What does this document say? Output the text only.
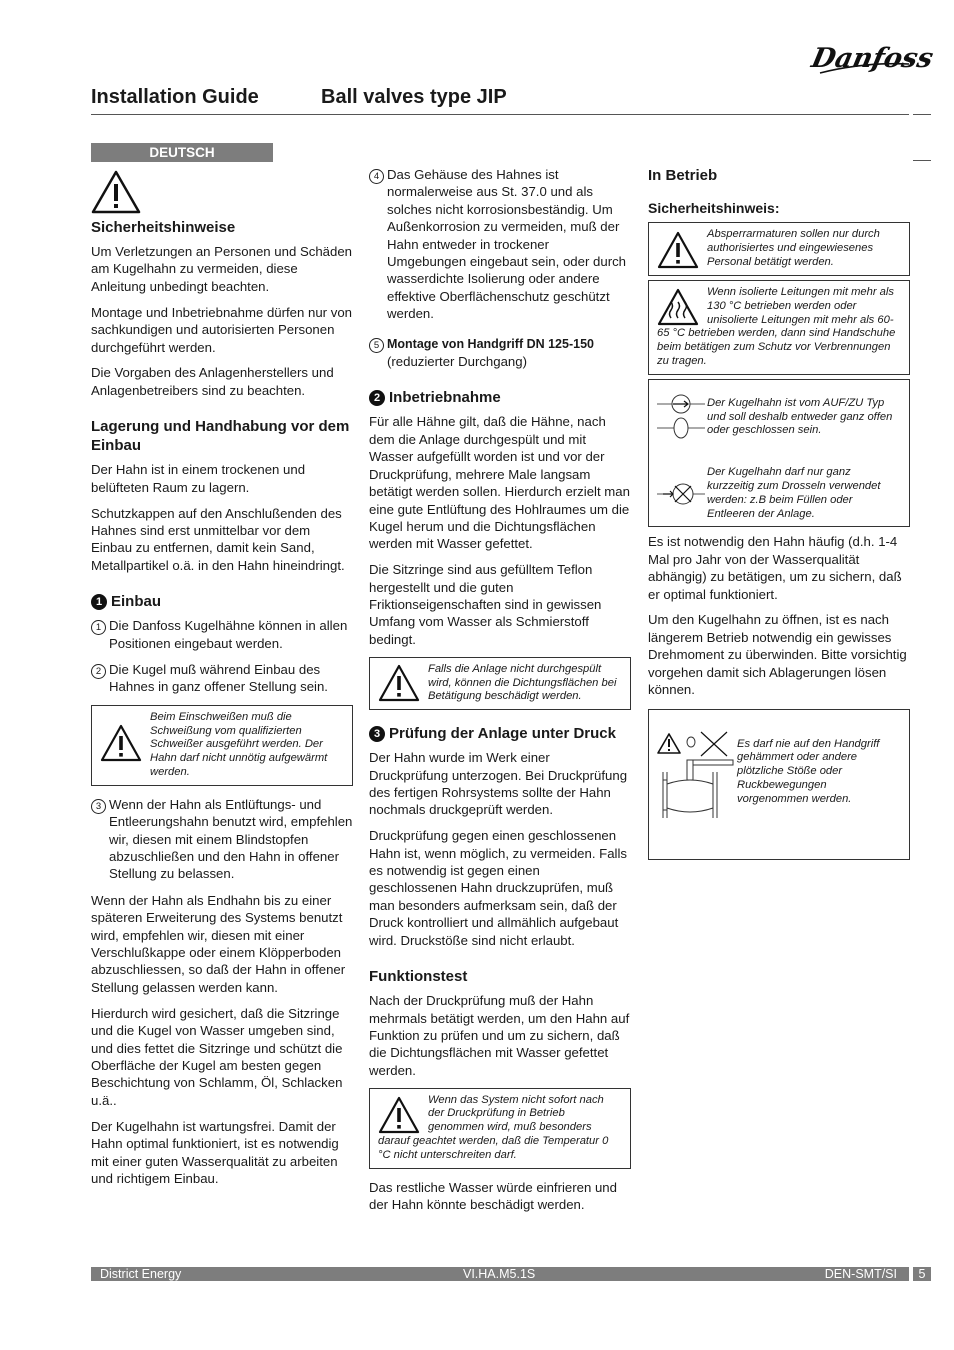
Danfoss
Installation Guide	Ball valves type JIP
DEUTSCH
Sicherheitshinweise

Um Verletzungen an Personen und Schäden am Kugelhahn zu vermeiden, diese Anleitung unbedingt beachten.

Montage und Inbetriebnahme dürfen nur von sachkundigen und autorisierten Personen durchgeführt werden.

Die Vorgaben des Anlagenherstellers und Anlagenbetreibers sind zu beachten.

Lagerung und Handhabung vor dem Einbau

Der Hahn ist in einem trockenen und belüfteten Raum zu lagern.

Schutzkappen auf den Anschlußenden des Hahnes sind erst unmittelbar vor dem Einbau zu entfernen, damit kein Sand, Metallpartikel o.ä. in den Hahn hineindringt.

1 Einbau
1 Die Danfoss Kugelhähne können in allen Positionen eingebaut werden.
2 Die Kugel muß während Einbau des Hahnes in ganz offener Stellung sein.
Beim Einschweißen muß die Schweißung vom qualifizierten Schweißer ausgeführt werden. Der Hahn darf nicht unnötig aufgewärmt werden.
3 Wenn der Hahn als Entlüftungs- und Entleerungshahn benutzt wird, empfehlen wir, diesen mit einem Blindstopfen abzuschließen und den Hahn in offener Stellung zu belassen.

Wenn der Hahn als Endhahn bis zu einer späteren Erweiterung des Systems benutzt wird, empfehlen wir, diesen mit einer Verschlußkappe oder einem Klöpperboden abzuschliessen, so daß der Hahn in offener Stellung gelassen werden kann.

Hierdurch wird gesichert, daß die Sitzringe und die Kugel von Wasser umgeben sind, und dies fettet die Sitzringe und schützt die Oberfläche der Kugel am besten gegen Beschichtung von Schlamm, Öl, Schlacken u.ä..

Der Kugelhahn ist wartungsfrei. Damit der Hahn optimal funktioniert, ist es notwendig mit einer guten Wasserqualität zu arbeiten und richtigem Einbau.

4 Das Gehäuse des Hahnes ist normalerweise aus St. 37.0 und als solches nicht korrosionsbeständig. Um Außenkorrosion zu vermeiden, muß der Hahn entweder in trockener Umgebungen eingebaut sein, oder durch wasserdichte Isolierung oder andere effektive Oberflächenschutz geschützt werden.
5 Montage von Handgriff DN 125-150
(reduzierter Durchgang)
2 Inbetriebnahme

Für alle Hähne gilt, daß die Hähne, nach dem die Anlage durchgespült und mit Wasser aufgefüllt worden ist und vor der Druckprüfung, mehrere Male langsam betätigt werden sollen. Hierdurch erzielt man eine gute Entlüftung des Hohlraumes um die Kugel herum und die Dichtungsflächen werden mit Wasser gefettet.

Die Sitzringe sind aus gefülltem Teflon hergestellt und die guten Friktionseigenschaften sind in gewissen Umfang vom Wasser als Schmierstoff bedingt.

Falls die Anlage nicht durchgespült wird, können die Dichtungsflächen bei Betätigung beschädigt werden.
3 Prüfung der Anlage unter Druck

Der Hahn wurde im Werk einer Druckprüfung unterzogen. Bei Druckprüfung des fertigen Rohrsystems sollte der Hahn nochmals druckgeprüft werden.

Druckprüfung gegen einen geschlossenen Hahn ist, wenn möglich, zu vermeiden. Falls es notwendig ist gegen einen geschlossenen Hahn druckzuprüfen, muß man besonders aufmerksam sein, daß der Druck kontrolliert und allmählich aufgebaut wird. Druckstöße sind nicht erlaubt.

Funktionstest

Nach der Druckprüfung muß der Hahn mehrmals betätigt werden, um den Hahn auf Funktion zu prüfen und um zu sichern, daß die Dichtungsflächen mit Wasser gefettet werden.

Wenn das System nicht sofort nach der Druckprüfung in Betrieb genommen wird, muß besonders darauf geachtet werden, daß die Temperatur 0 °C nicht unterschreiten darf.

Das restliche Wasser würde einfrieren und der Hahn könnte beschädigt werden.

In Betrieb
Sicherheitshinweis:
Absperrarmaturen sollen nur durch authorisiertes und eingewiesenes Personal betätigt werden.
Wenn isolierte Leitungen mit mehr als 130 °C betrieben werden oder unisolierte Leitungen mit mehr als 60-65 °C betrieben werden, dann sind Handschuhe beim betätigen zum Schutz vor Verbrennungen zu tragen.
Der Kugelhahn ist vom AUF/ZU Typ und soll deshalb entweder ganz offen oder geschlossen sein.
Der Kugelhahn darf nur ganz kurzzeitig zum Drosseln verwendet werden: z.B beim Füllen oder Entleeren der Anlage.

Es ist notwendig den Hahn häufig (d.h. 1-4 Mal pro Jahr von der Wasserqualität abhängig) zu betätigen, um zu sichern, daß er optimal funktioniert.

Um den Kugelhahn zu öffnen, ist es nach längerem Betrieb notwendig ein gewisses Drehmoment zu überwinden. Bitte vorsichtig vorgehen damit sich Ablagerungen lösen können.

Es darf nie auf den Handgriff gehämmert oder andere plötzliche Stöße oder Ruckbewegungen vorgenommen werden.
District Energy	VI.HA.M5.1S	DEN-SMT/SI	5
